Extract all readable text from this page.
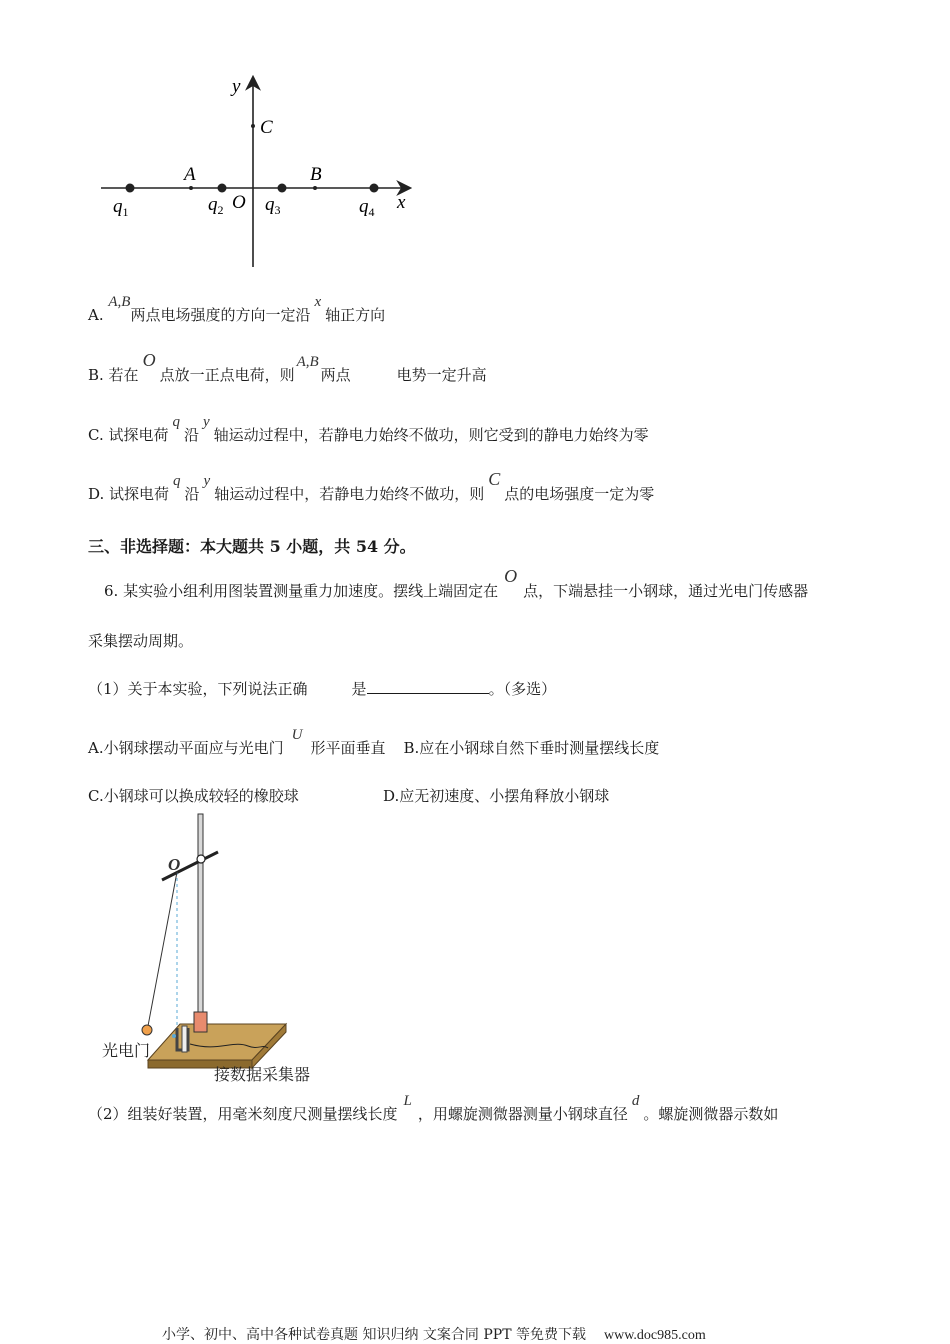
y
x
C
A	B
O
$q_1$	$q_2$ $q_3$	$q_4$
A. A,B两点电场强度的方向一定沿x轴正方向
B. 若在O点放一正点电荷，则A,B两点	电势一定升高
C. 试探电荷q沿y轴运动过程中，若静电力始终不做功，则它受到的静电力始终为零
D. 试探电荷q沿y轴运动过程中，若静电力始终不做功，则C点的电场强度一定为零
三、非选择题：本大题共 5 小题，共 54 分。
6. 某实验小组利用图装置测量重力加速度。摆线上端固定在O点，下端悬挂一小钢球，通过光电门传感器
采集摆动周期。
（1）关于本实验，下列说法正确	是	。（多选）
A.小钢球摆动平面应与光电门U形平面垂直 B.应在小钢球自然下垂时测量摆线长度
C.小钢球可以换成较轻的橡胶球	D.应无初速度、小摆角释放小钢球
O
光电门
接数据采集器
（2）组装好装置，用毫米刻度尺测量摆线长度L，用螺旋测微器测量小钢球直径d。螺旋测微器示数如
小学、初中、高中各种试卷真题 知识归纳 文案合同 PPT 等免费下载 www.doc985.com
